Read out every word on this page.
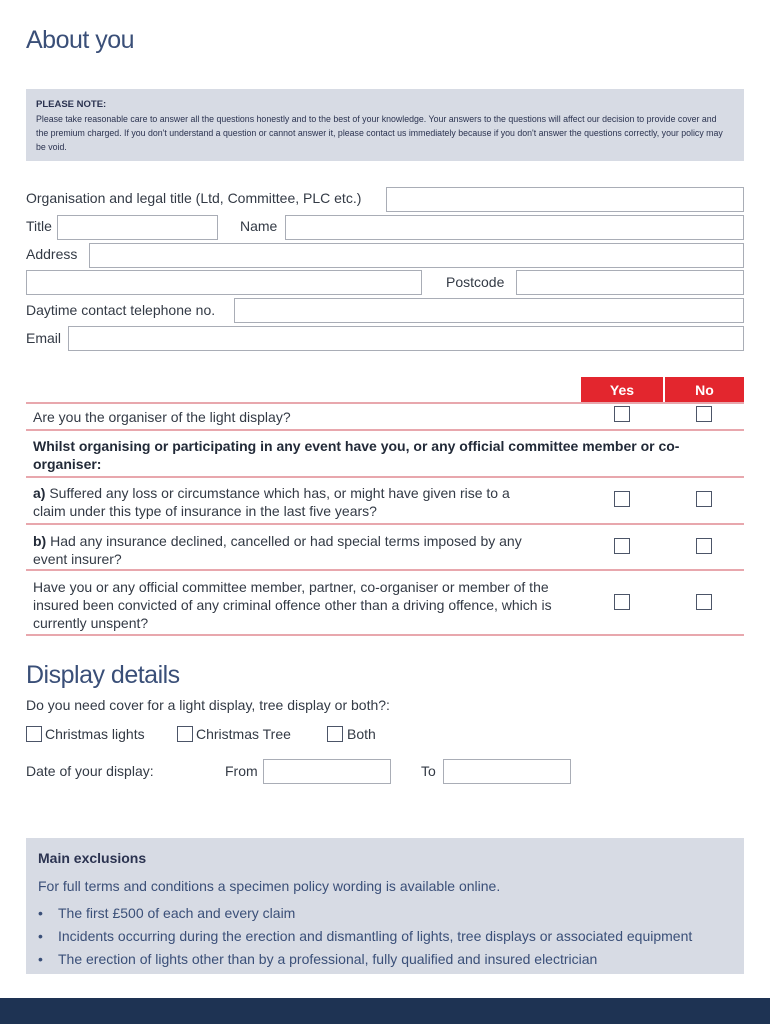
About you
PLEASE NOTE:
Please take reasonable care to answer all the questions honestly and to the best of your knowledge. Your answers to the questions will affect our decision to provide cover and the premium charged. If you don't understand a question or cannot answer it, please contact us immediately because if you don't answer the questions correctly, your policy may be void.
Organisation and legal title (Ltd, Committee, PLC etc.)
Title	Name
Address
Postcode
Daytime contact telephone no.
Email
Yes	No
Are you the organiser of the light display?
Whilst organising or participating in any event have you, or any official committee member or co-organiser:
a) Suffered any loss or circumstance which has, or might have given rise to a claim under this type of insurance in the last five years?
b) Had any insurance declined, cancelled or had special terms imposed by any event insurer?
Have you or any official committee member, partner, co-organiser or member of the insured been convicted of any criminal offence other than a driving offence, which is currently unspent?
Display details
Do you need cover for a light display, tree display or both?:
Christmas lights	Christmas Tree	Both
Date of your display:	From	To
Main exclusions
For full terms and conditions a specimen policy wording is available online.
• The first £500 of each and every claim
• Incidents occurring during the erection and dismantling of lights, tree displays or associated equipment
• The erection of lights other than by a professional, fully qualified and insured electrician
